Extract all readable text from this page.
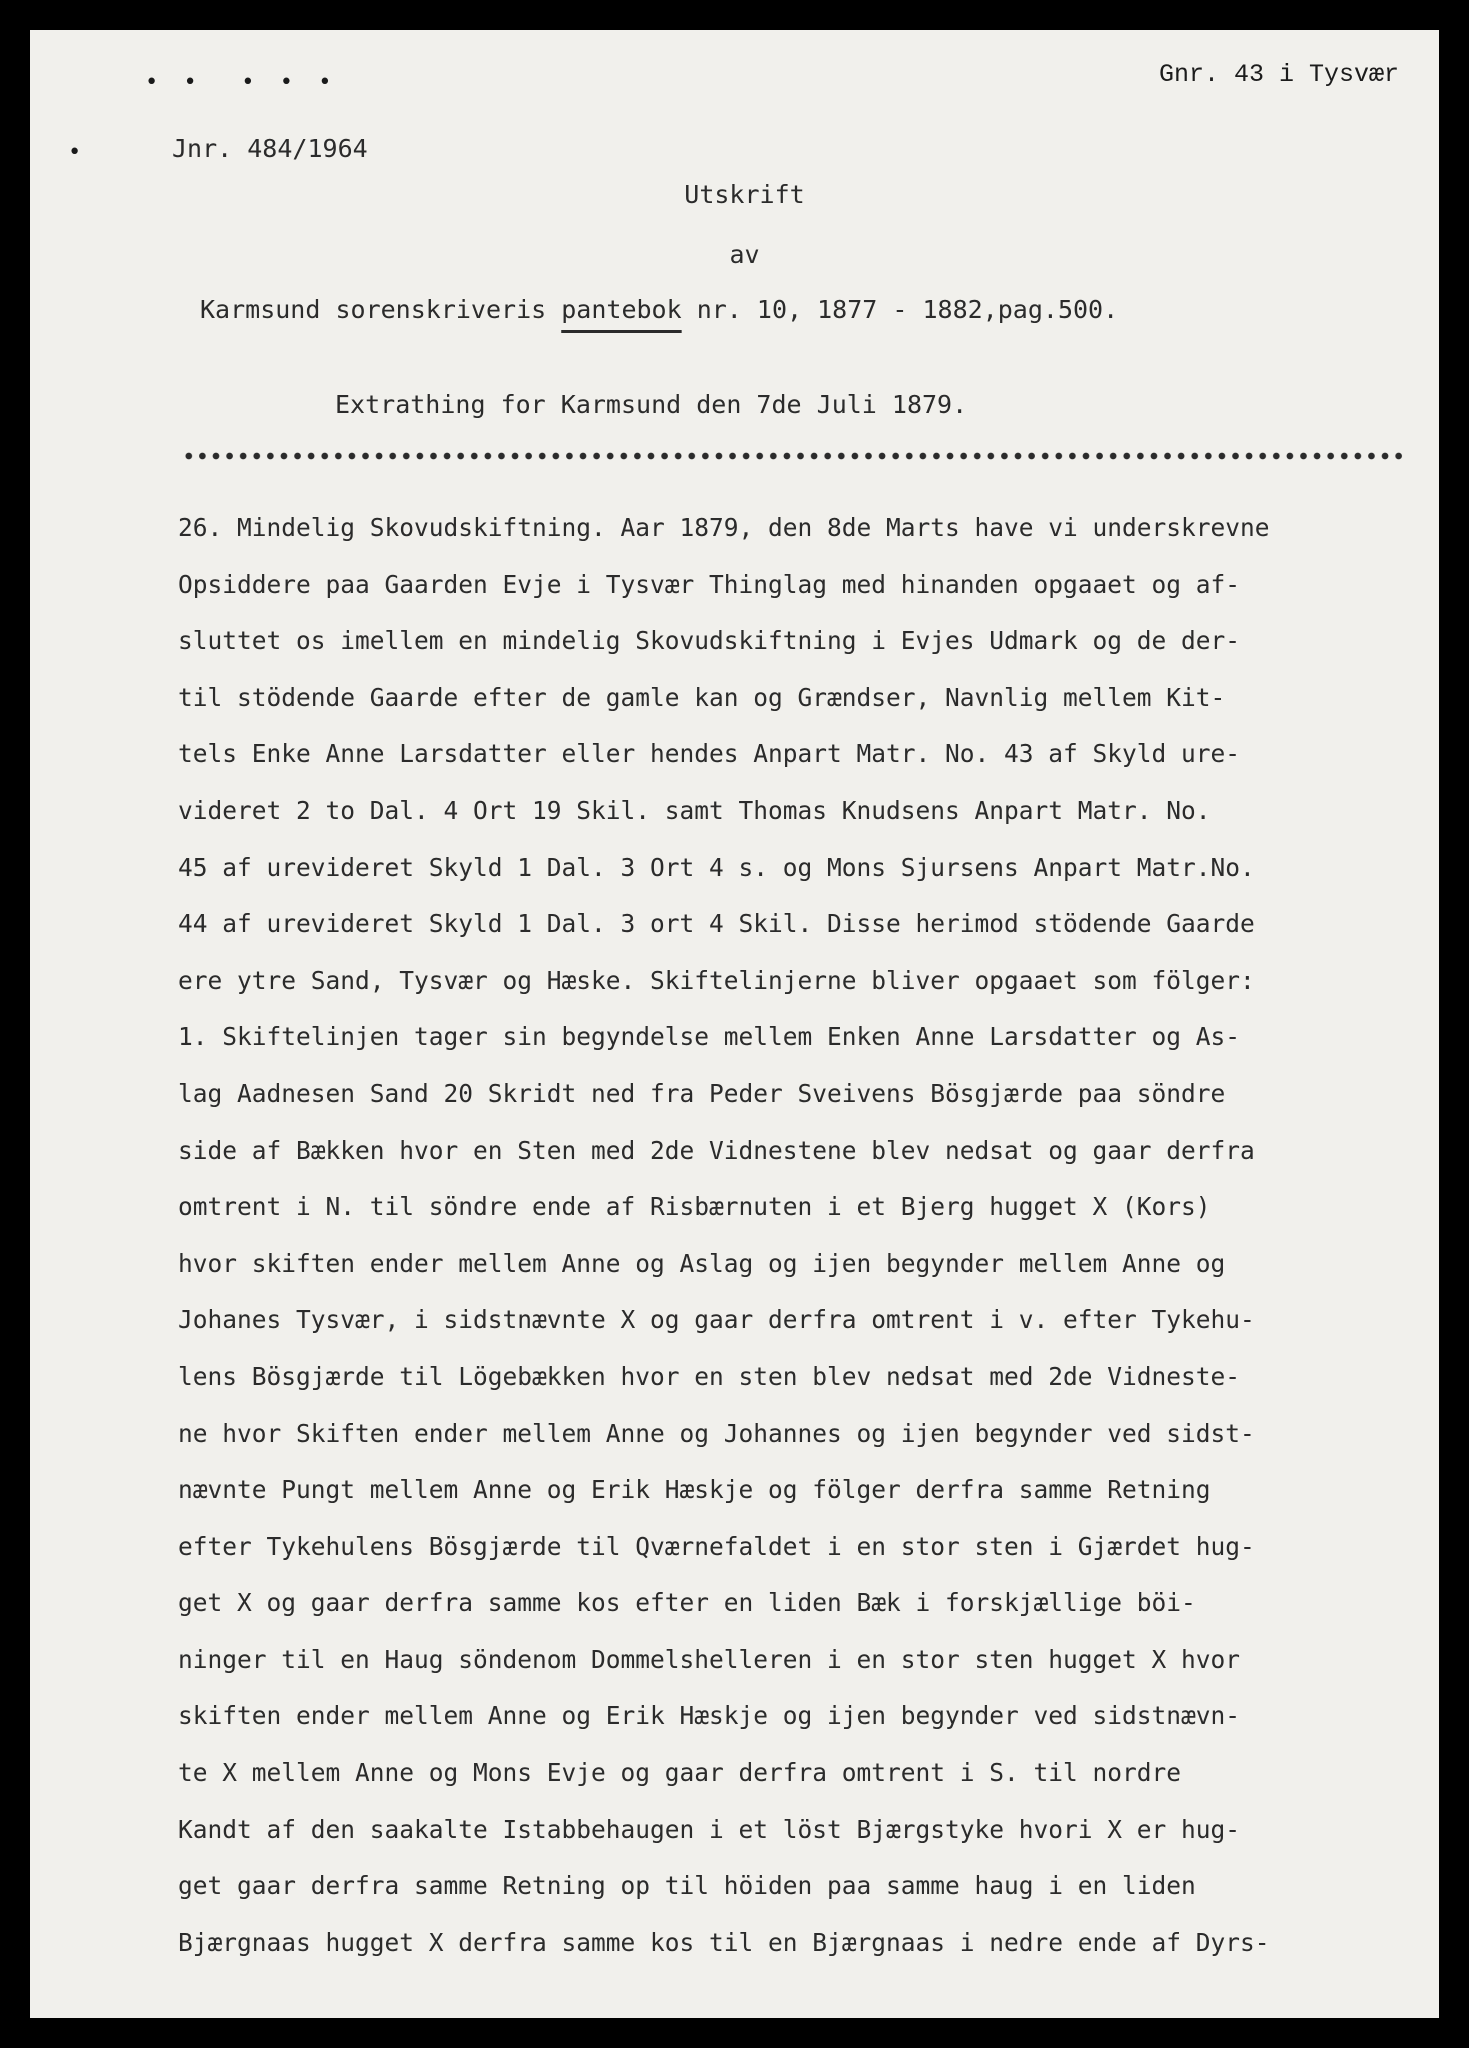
• •  • • •

•

Gnr. 43 i Tysvær
Jnr. 484/1964
Utskrift
av
Karmsund sorenskriveris pantebok nr. 10, 1877 - 1882,pag.500.
Extrathing for Karmsund den 7de Juli 1879.
26. Mindelig Skovudskiftning. Aar 1879, den 8de Marts have vi underskrevne
Opsiddere paa Gaarden Evje i Tysvær Thinglag med hinanden opgaaet og af-
sluttet os imellem en mindelig Skovudskiftning i Evjes Udmark og de der-
til stödende Gaarde efter de gamle kan og Grændser, Navnlig mellem Kit-
tels Enke Anne Larsdatter eller hendes Anpart Matr. No. 43 af Skyld ure-
videret 2 to Dal. 4 Ort 19 Skil. samt Thomas Knudsens Anpart Matr. No.
45 af urevideret Skyld 1 Dal. 3 Ort 4 s. og Mons Sjursens Anpart Matr.No.
44 af urevideret Skyld 1 Dal. 3 ort 4 Skil. Disse herimod stödende Gaarde
ere ytre Sand, Tysvær og Hæske. Skiftelinjerne bliver opgaaet som fölger:
1. Skiftelinjen tager sin begyndelse mellem Enken Anne Larsdatter og As-
lag Aadnesen Sand 20 Skridt ned fra Peder Sveivens Bösgjærde paa söndre
side af Bækken hvor en Sten med 2de Vidnestene blev nedsat og gaar derfra
omtrent i N. til söndre ende af Risbærnuten i et Bjerg hugget X (Kors)
hvor skiften ender mellem Anne og Aslag og ijen begynder mellem Anne og
Johanes Tysvær, i sidstnævnte X og gaar derfra omtrent i v. efter Tykehu-
lens Bösgjærde til Lögebækken hvor en sten blev nedsat med 2de Vidneste-
ne hvor Skiften ender mellem Anne og Johannes og ijen begynder ved sidst-
nævnte Pungt mellem Anne og Erik Hæskje og fölger derfra samme Retning
efter Tykehulens Bösgjærde til Qværnefaldet i en stor sten i Gjærdet hug-
get X og gaar derfra samme kos efter en liden Bæk i forskjællige böi-
ninger til en Haug söndenom Dommelshelleren i en stor sten hugget X hvor
skiften ender mellem Anne og Erik Hæskje og ijen begynder ved sidstnævn-
te X mellem Anne og Mons Evje og gaar derfra omtrent i S. til nordre
Kandt af den saakalte Istabbehaugen i et löst Bjærgstyke hvori X er hug-
get gaar derfra samme Retning op til höiden paa samme haug i en liden
Bjærgnaas hugget X derfra samme kos til en Bjærgnaas i nedre ende af Dyrs-
